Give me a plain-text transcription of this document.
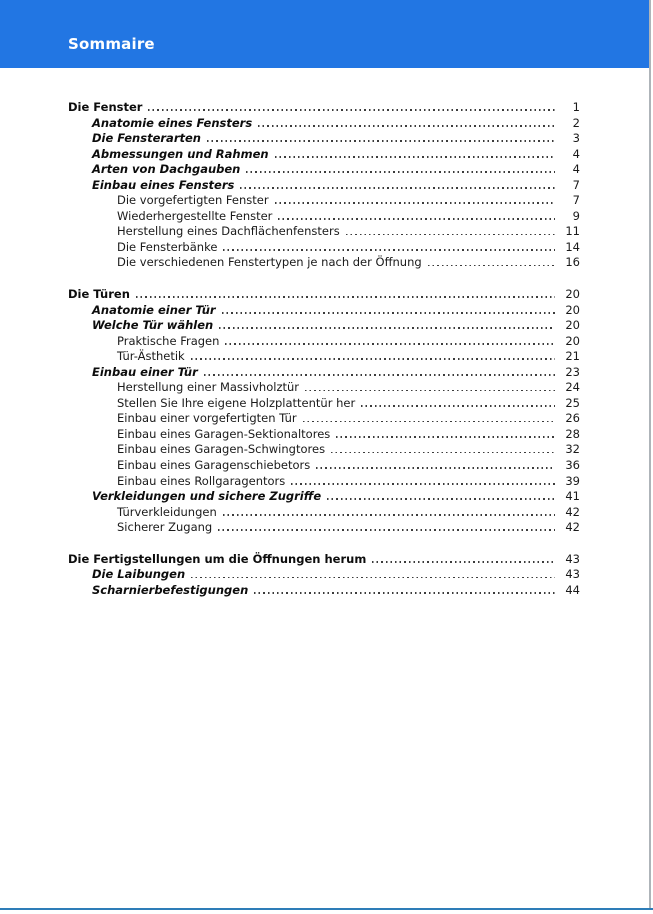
Sommaire
Die Fenster	1
Anatomie eines Fensters	2
Die Fensterarten	3
Abmessungen und Rahmen	4
Arten von Dachgauben	4
Einbau eines Fensters	7
Die vorgefertigten Fenster	7
Wiederhergestellte Fenster	9
Herstellung eines Dachflächenfensters	11
Die Fensterbänke	14
Die verschiedenen Fenstertypen je nach der Öffnung	16
Die Türen	20
Anatomie einer Tür	20
Welche Tür wählen	20
Praktische Fragen	20
Tür-Ästhetik	21
Einbau einer Tür	23
Herstellung einer Massivholztür	24
Stellen Sie Ihre eigene Holzplattentür her	25
Einbau einer vorgefertigten Tür	26
Einbau eines Garagen-Sektionaltores	28
Einbau eines Garagen-Schwingtores	32
Einbau eines Garagenschiebetors	36
Einbau eines Rollgaragentors	39
Verkleidungen und sichere Zugriffe	41
Türverkleidungen	42
Sicherer Zugang	42
Die Fertigstellungen um die Öffnungen herum	43
Die Laibungen	43
Scharnierbefestigungen	44
